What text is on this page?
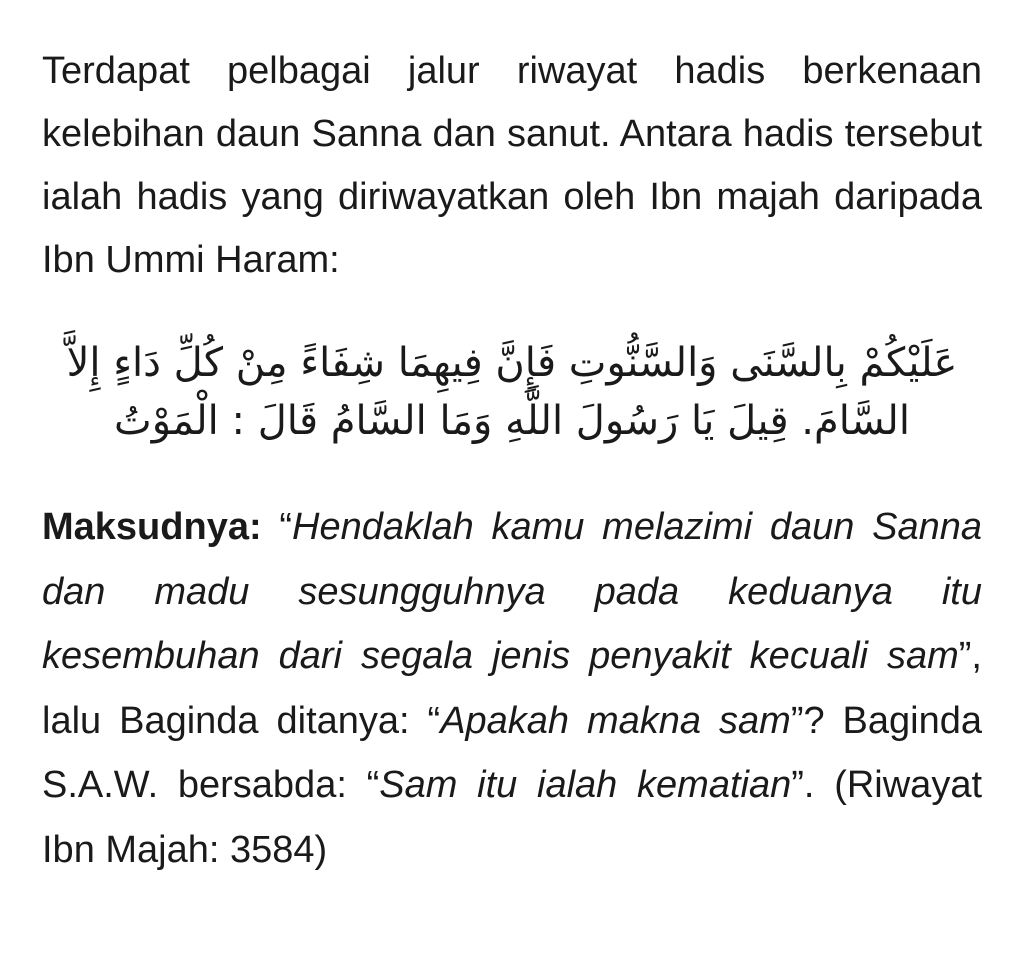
Terdapat pelbagai jalur riwayat hadis berkenaan kelebihan daun Sanna dan sanut. Antara hadis tersebut ialah hadis yang diriwayatkan oleh Ibn majah daripada Ibn Ummi Haram:

عَلَيْكُمْ بِالسَّنَى وَالسَّنُّوتِ فَإِنَّ فِيهِمَا شِفَاءً مِنْ كُلِّ دَاءٍ إِلاَّ
السَّامَ. قِيلَ يَا رَسُولَ اللَّهِ وَمَا السَّامُ قَالَ : الْمَوْتُ

Maksudnya: “Hendaklah kamu melazimi daun Sanna dan madu sesungguhnya pada keduanya itu kesembuhan dari segala jenis penyakit kecuali sam”, lalu Baginda ditanya: “Apakah makna sam”? Baginda S.A.W. bersabda: “Sam itu ialah kematian”. (Riwayat Ibn Majah: 3584)
